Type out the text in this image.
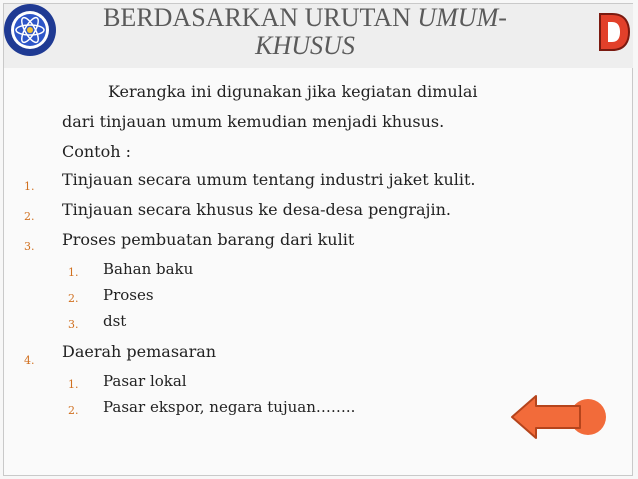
BERDASARKAN URUTAN UMUM-
KHUSUS
Kerangka ini digunakan jika kegiatan dimulai
dari tinjauan umum kemudian menjadi khusus.
Contoh :
1. Tinjauan secara umum tentang industri jaket kulit.
2. Tinjauan secara khusus ke desa-desa pengrajin.
3. Proses pembuatan barang dari kulit
1. Bahan baku
2. Proses
3. dst
4. Daerah pemasaran
1. Pasar lokal
2. Pasar ekspor, negara tujuan……..
